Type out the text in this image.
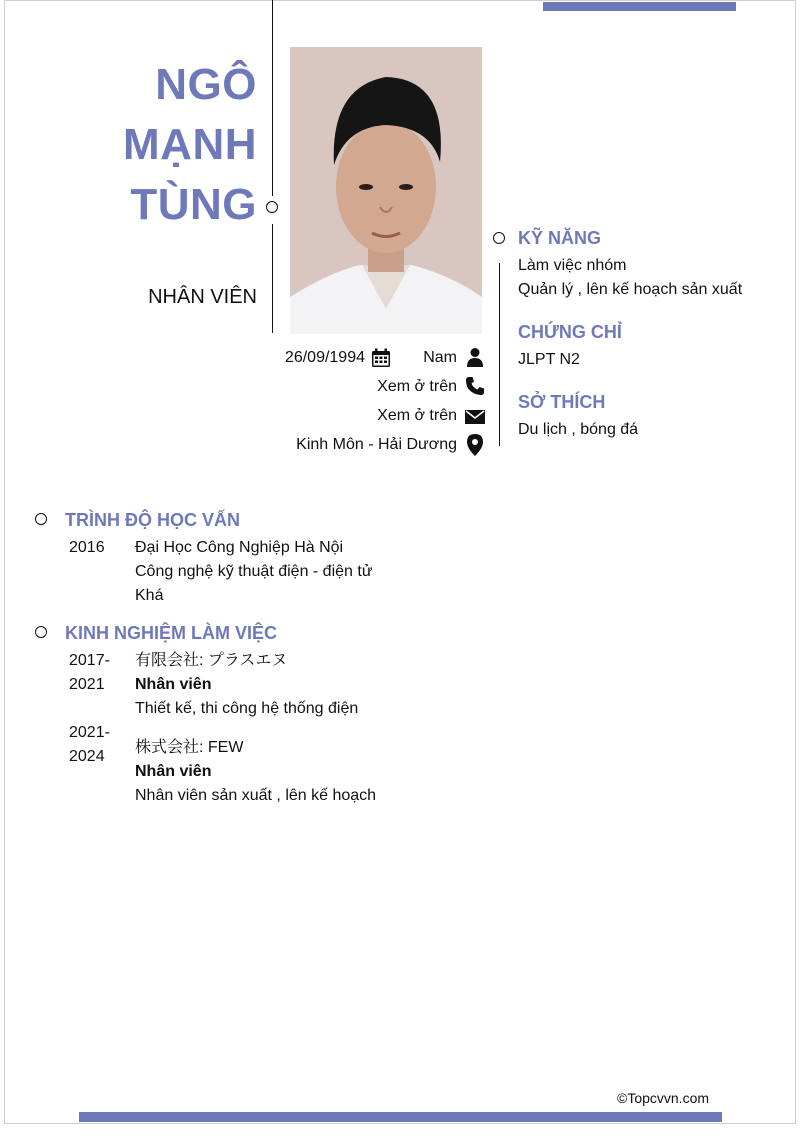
NGÔ
MẠNH
TÙNG
NHÂN VIÊN
26/09/1994	Nam
Xem ở trên
Xem ở trên
Kinh Môn - Hải Dương
KỸ NĂNG
Làm việc nhóm
Quản lý , lên kế hoạch sản xuất
CHỨNG CHỈ
JLPT N2
SỞ THÍCH
Du lịch , bóng đá
TRÌNH ĐỘ HỌC VẤN
2016 Đại Học Công Nghiệp Hà Nội
Công nghệ kỹ thuật điện - điện tử
Khá
KINH NGHIỆM LÀM VIỆC
2017-
2021
有限会社: プラスエヌ
Nhân viên
Thiết kế, thi công hệ thống điện
2021-
2024
株式会社: FEW
Nhân viên
Nhân viên sản xuất , lên kế hoạch
©Topcvvn.com
